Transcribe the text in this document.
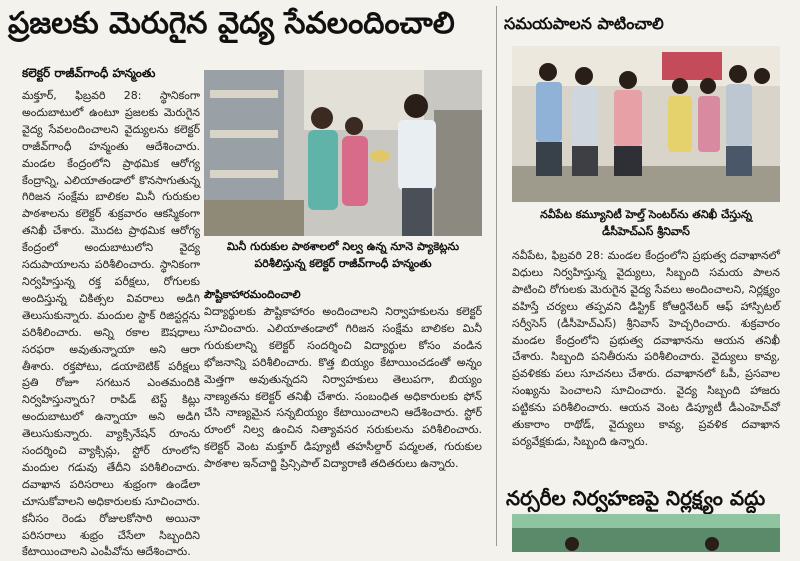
ప్రజలకు మెరుగైన వైద్య సేవలందించాలి
కలెక్టర్ రాజీవ్‌గాంధీ హన్మంతు

మక్తూర్, ఫిబ్రవరి 28: స్థానికంగా అందుబాటులో ఉంటూ ప్రజలకు మెరుగైన వైద్య సేవలందించాలని వైద్యులను కలెక్టర్ రాజీవ్‌గాంధీ హన్మంతు ఆదేశించారు. మండల కేంద్రంలోని ప్రాథమిక ఆరోగ్య కేంద్రాన్ని, ఎలియాతండాలో కొనసాగుతున్న గిరిజన సంక్షేమ బాలికల మినీ గురుకుల పాఠశాలను కలెక్టర్ శుక్రవారం ఆకస్మికంగా తనిఖీ చేశారు. మొదట ప్రాథమిక ఆరోగ్య కేంద్రంలో అందుబాటులోని వైద్య సదుపాయాలను పరిశీలించారు. స్థానికంగా నిర్వహిస్తున్న రక్త పరీక్షలు, రోగులకు అందిస్తున్న చికిత్సల వివరాలు అడిగి తెలుసుకున్నారు. మందుల స్టాక్ రిజిస్టర్లను పరిశీలించారు. అన్ని రకాల ఔషధాలు సరఫరా అవుతున్నాయా అని ఆరా తీశారు. రక్తపోటు, డయాబెటిక్ పరీక్షలు ప్రతి రోజూ సగటున ఎంతమందికి నిర్వహిస్తున్నారు? రాపిడ్ టెస్ట్ కిట్లు అందుబాటులో ఉన్నాయా అని అడిగి తెలుసుకున్నారు. వ్యాక్సినేషన్ రూంను సందర్శించి వ్యాక్సిన్లు, స్టోర్ రూంలోని మందుల గడువు తేదీని పరిశీలించారు. దవాఖాన పరిసరాలు శుభ్రంగా ఉండేలా చూసుకోవాలని అధికారులకు సూచించారు. కనీసం రెండు రోజులకోసారి అయినా పరిసరాలు శుభ్రం చేసేలా సిబ్బందిని కేటాయించాలని ఎంపీవోను ఆదేశించారు.

మినీ గురుకుల పాఠశాలలో నిల్వ ఉన్న నూనె ప్యాకెట్లను
పరిశీలిస్తున్న కలెక్టర్ రాజీవ్‌గాంధీ హన్మంతు
పౌష్టికాహారమందించాలి

విద్యార్థులకు పౌష్టికాహారం అందించాలని నిర్వాహకులను కలెక్టర్ సూచించారు. ఎలియాతండాలో గిరిజన సంక్షేమ బాలికల మినీ గురుకులాన్ని కలెక్టర్ సందర్శించి విద్యార్థుల కోసం వండిన భోజనాన్ని పరిశీలించారు. కొత్త బియ్యం కేటాయించడంతో అన్నం మెత్తగా అవుతున్నదని నిర్వాహకులు తెలుపగా, బియ్యం నాణ్యతను కలెక్టర్ తనిఖీ చేశారు. సంబంధిత అధికారులకు ఫోన్ చేసి నాణ్యమైన సన్నబియ్యం కేటాయించాలని ఆదేశించారు. స్టోర్ రూంలో నిల్వ ఉంచిన నిత్యావసర సరుకులను పరిశీలించారు. కలెక్టర్ వెంట మక్తూర్ డిప్యూటీ తహసీల్దార్ పద్మలత, గురుకుల పాఠశాల ఇన్‌చార్జి ప్రిన్సిపాల్ విద్యారాణి తదితరులు ఉన్నారు.

సమయపాలన పాటించాలి
నవీపేట కమ్యూనిటీ హెల్త్ సెంటర్‌ను తనిఖీ చేస్తున్న
డీసీహెచ్ఎస్ శ్రీనివాస్

నవీపేట, ఫిబ్రవరి 28: మండల కేంద్రంలోని ప్రభుత్వ దవాఖానలో విధులు నిర్వహిస్తున్న వైద్యులు, సిబ్బంది సమయ పాలన పాటించి రోగులకు మెరుగైన వైద్య సేవలు అందించాలని, నిర్లక్ష్యం వహిస్తే చర్యలు తప్పవని డిస్ట్రిక్ కోఆర్డినేటర్ ఆఫ్ హాస్పిటల్ సర్వీసెస్ (డీసీహెచ్ఎస్) శ్రీనివాస్ హెచ్చరించారు. శుక్రవారం మండల కేంద్రంలోని ప్రభుత్వ దవాఖానను ఆయన తనిఖీ చేశారు. సిబ్బంది పనితీరును పరిశీలించారు. వైద్యులు కావ్య, ప్రవళికకు పలు సూచనలు చేశారు. దవాఖానలో ఓపీ, ప్రసవాల సంఖ్యను పెంచాలని సూచించారు. వైద్య సిబ్బంది హాజరు పట్టికను పరిశీలించారు. ఆయన వెంట డిప్యూటీ డీఎంహెచ్‌వో తుకారాం రాథోడ్, వైద్యులు కావ్య, ప్రవళిక దవాఖాన పర్యవేక్షకుడు, సిబ్బంది ఉన్నారు.

నర్సరీల నిర్వహణపై నిర్లక్ష్యం వద్దు
